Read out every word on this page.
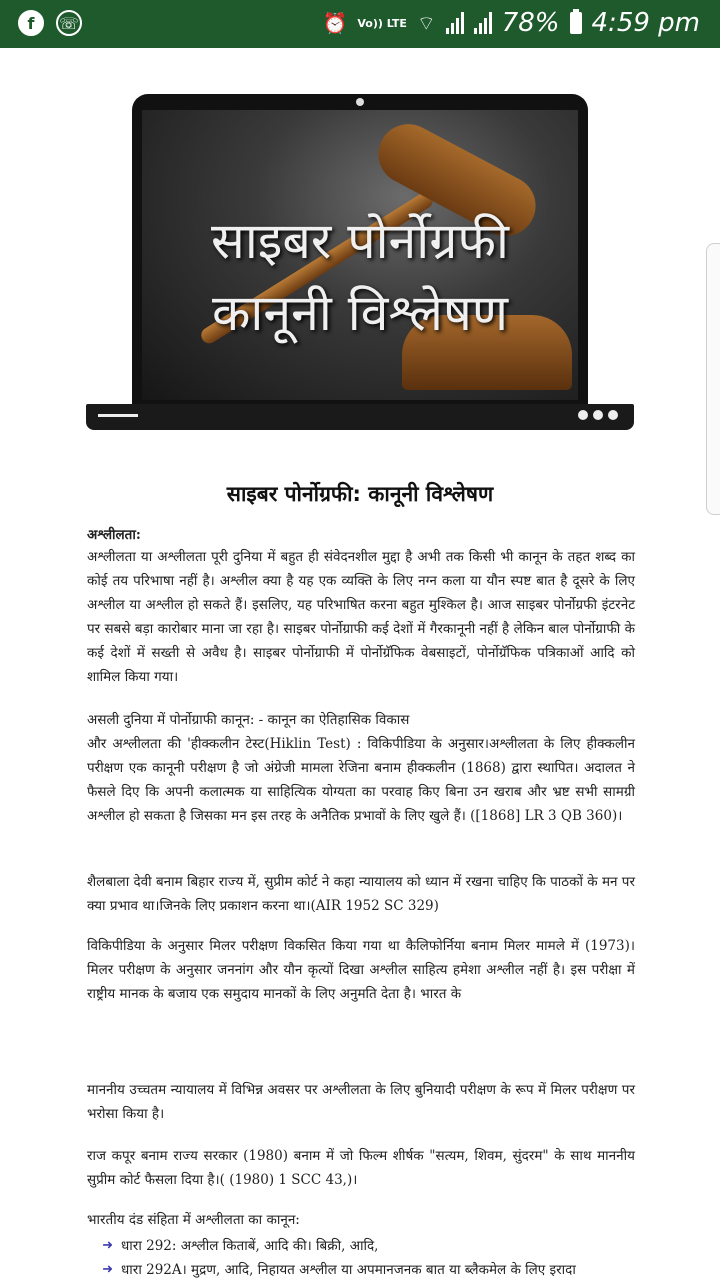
f	☏	⏰ Vo)) LTE ⌔	78% 4:59 pm
साइबर पोर्नोग्रफी
कानूनी विश्लेषण
साइबर पोर्नोग्रफी: कानूनी विश्लेषण
अश्लीलता:
अश्लीलता या अश्लीलता पूरी दुनिया में बहुत ही संवेदनशील मुद्दा है अभी तक किसी भी कानून के तहत शब्द का कोई तय परिभाषा नहीं है। अश्लील क्या है यह एक व्यक्ति के लिए नग्न कला या यौन स्पष्ट बात है दूसरे के लिए अश्लील या अश्लील हो सकते हैं। इसलिए, यह परिभाषित करना बहुत मुश्किल है। आज साइबर पोर्नोग्रफी इंटरनेट पर सबसे बड़ा कारोबार माना जा रहा है। साइबर पोर्नोग्राफी कई देशों में गैरकानूनी नहीं है लेकिन बाल पोर्नोग्राफी के कई देशों में सख्ती से अवैध है। साइबर पोर्नोग्राफी में पोर्नोग्रॅफिक वेबसाइटों, पोर्नोग्रॅफिक पत्रिकाओं आदि को शामिल किया गया।
असली दुनिया में पोर्नोग्राफी कानून: - कानून का ऐतिहासिक विकास
और अश्लीलता की 'हीक्कलीन टेस्ट(Hiklin Test) : विकिपीडिया के अनुसार।अश्लीलता के लिए हीक्कलीन परीक्षण एक कानूनी परीक्षण है जो अंग्रेजी मामला रेजिना बनाम हीक्कलीन (1868) द्वारा स्थापित। अदालत ने फैसले दिए कि अपनी कलात्मक या साहित्यिक योग्यता का परवाह किए बिना उन खराब और भ्रष्ट सभी सामग्री अश्लील हो सकता है जिसका मन इस तरह के अनैतिक प्रभावों के लिए खुले हैं। ([1868] LR 3 QB 360)।
शैलबाला देवी बनाम बिहार राज्य में, सुप्रीम कोर्ट ने कहा न्यायालय को ध्यान में रखना चाहिए कि पाठकों के मन पर क्या प्रभाव था।जिनके लिए प्रकाशन करना था।(AIR 1952 SC 329)
विकिपीडिया के अनुसार मिलर परीक्षण विकसित किया गया था कैलिफोर्निया बनाम मिलर मामले में (1973)। मिलर परीक्षण के अनुसार जननांग और यौन कृत्यों दिखा अश्लील साहित्य हमेशा अश्लील नहीं है। इस परीक्षा में राष्ट्रीय मानक के बजाय एक समुदाय मानकों के लिए अनुमति देता है। भारत के
माननीय उच्चतम न्यायालय में विभिन्न अवसर पर अश्लीलता के लिए बुनियादी परीक्षण के रूप में मिलर परीक्षण पर भरोसा किया है।
राज कपूर बनाम राज्य सरकार (1980) बनाम में जो फिल्म शीर्षक "सत्यम, शिवम, सुंदरम" के साथ माननीय सुप्रीम कोर्ट फैसला दिया है।( (1980) 1 SCC 43,)।
भारतीय दंड संहिता में अश्लीलता का कानून:
➜ धारा 292: अश्लील किताबें, आदि की। बिक्री, आदि,
➜ धारा 292A। मुद्रण, आदि, निहायत अश्लील या अपमानजनक बात या ब्लैकमेल के लिए इरादा
